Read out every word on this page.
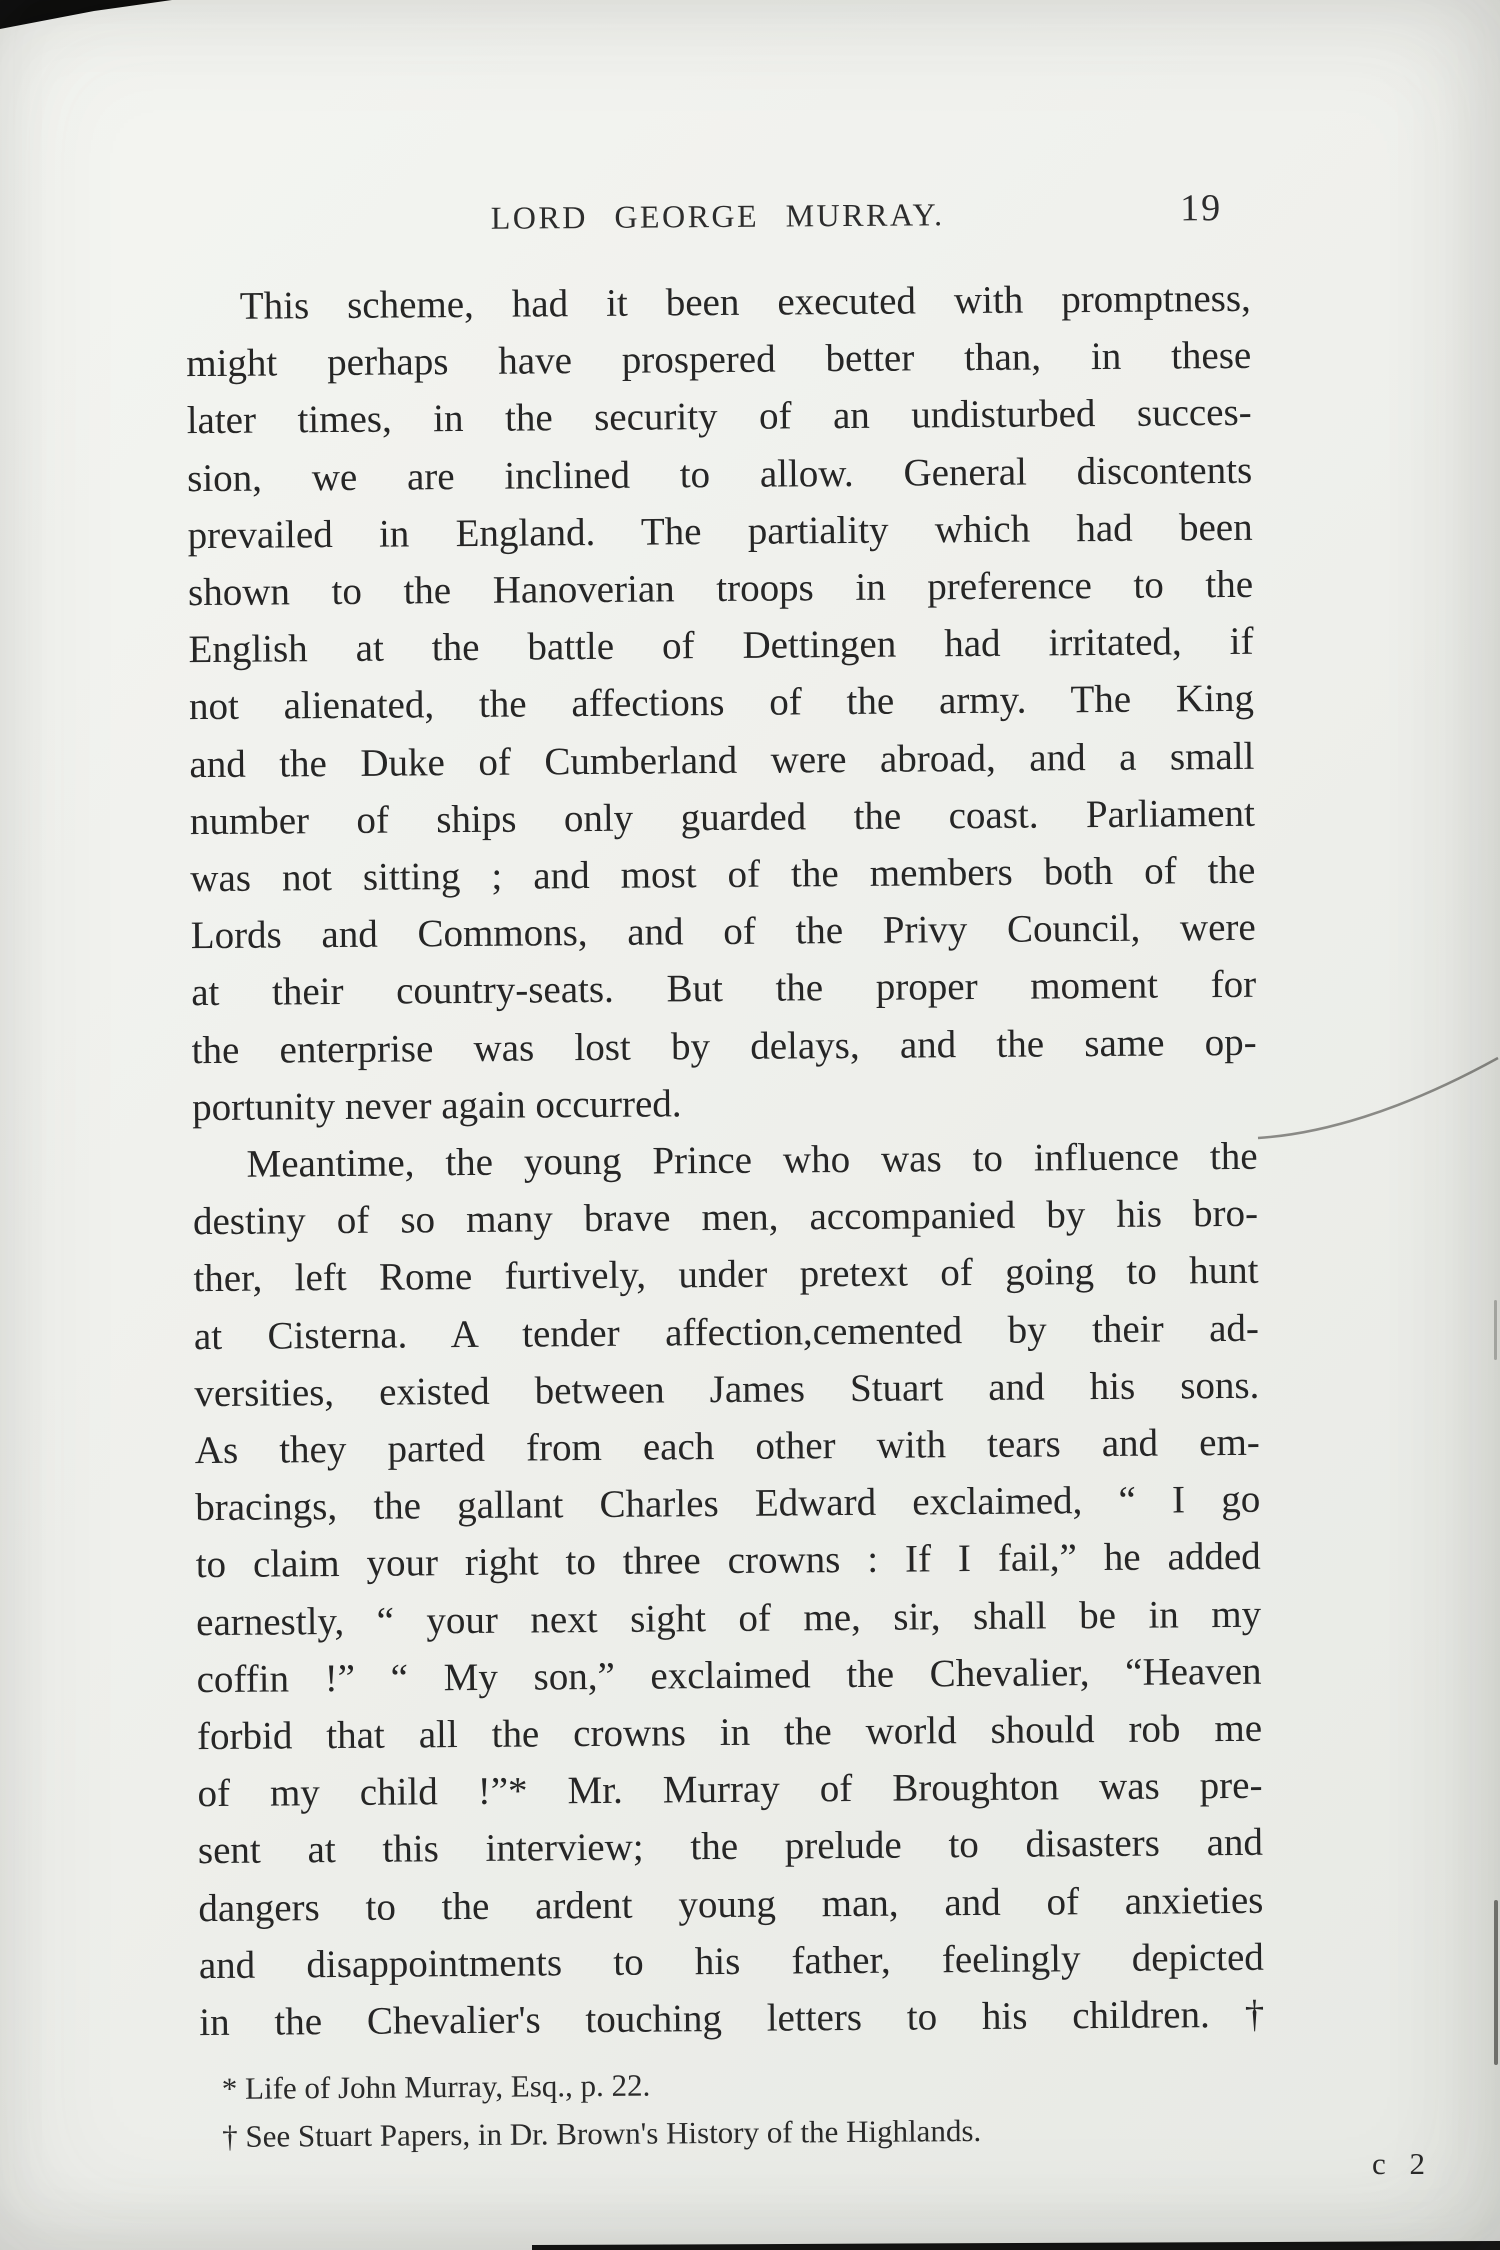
LORD GEORGE MURRAY.	19
This scheme, had it been executed with promptness,
might perhaps have prospered better than, in these
later times, in the security of an undisturbed succes-
sion, we are inclined to allow. General discontents
prevailed in England. The partiality which had been
shown to the Hanoverian troops in preference to the
English at the battle of Dettingen had irritated, if
not alienated, the affections of the army. The King
and the Duke of Cumberland were abroad, and a small
number of ships only guarded the coast. Parliament
was not sitting ; and most of the members both of the
Lords and Commons, and of the Privy Council, were
at their country-seats. But the proper moment for
the enterprise was lost by delays, and the same op-
portunity never again occurred.
Meantime, the young Prince who was to influence the
destiny of so many brave men, accompanied by his bro-
ther, left Rome furtively, under pretext of going to hunt
at Cisterna. A tender affection,cemented by their ad-
versities, existed between James Stuart and his sons.
As they parted from each other with tears and em-
bracings, the gallant Charles Edward exclaimed, “ I go
to claim your right to three crowns : If I fail,” he added
earnestly, “ your next sight of me, sir, shall be in my
coffin !” “ My son,” exclaimed the Chevalier, “Heaven
forbid that all the crowns in the world should rob me
of my child !”* Mr. Murray of Broughton was pre-
sent at this interview; the prelude to disasters and
dangers to the ardent young man, and of anxieties
and disappointments to his father, feelingly depicted
in the Chevalier's touching letters to his children.†
* Life of John Murray, Esq., p. 22.
† See Stuart Papers, in Dr. Brown's History of the Highlands.
c 2
